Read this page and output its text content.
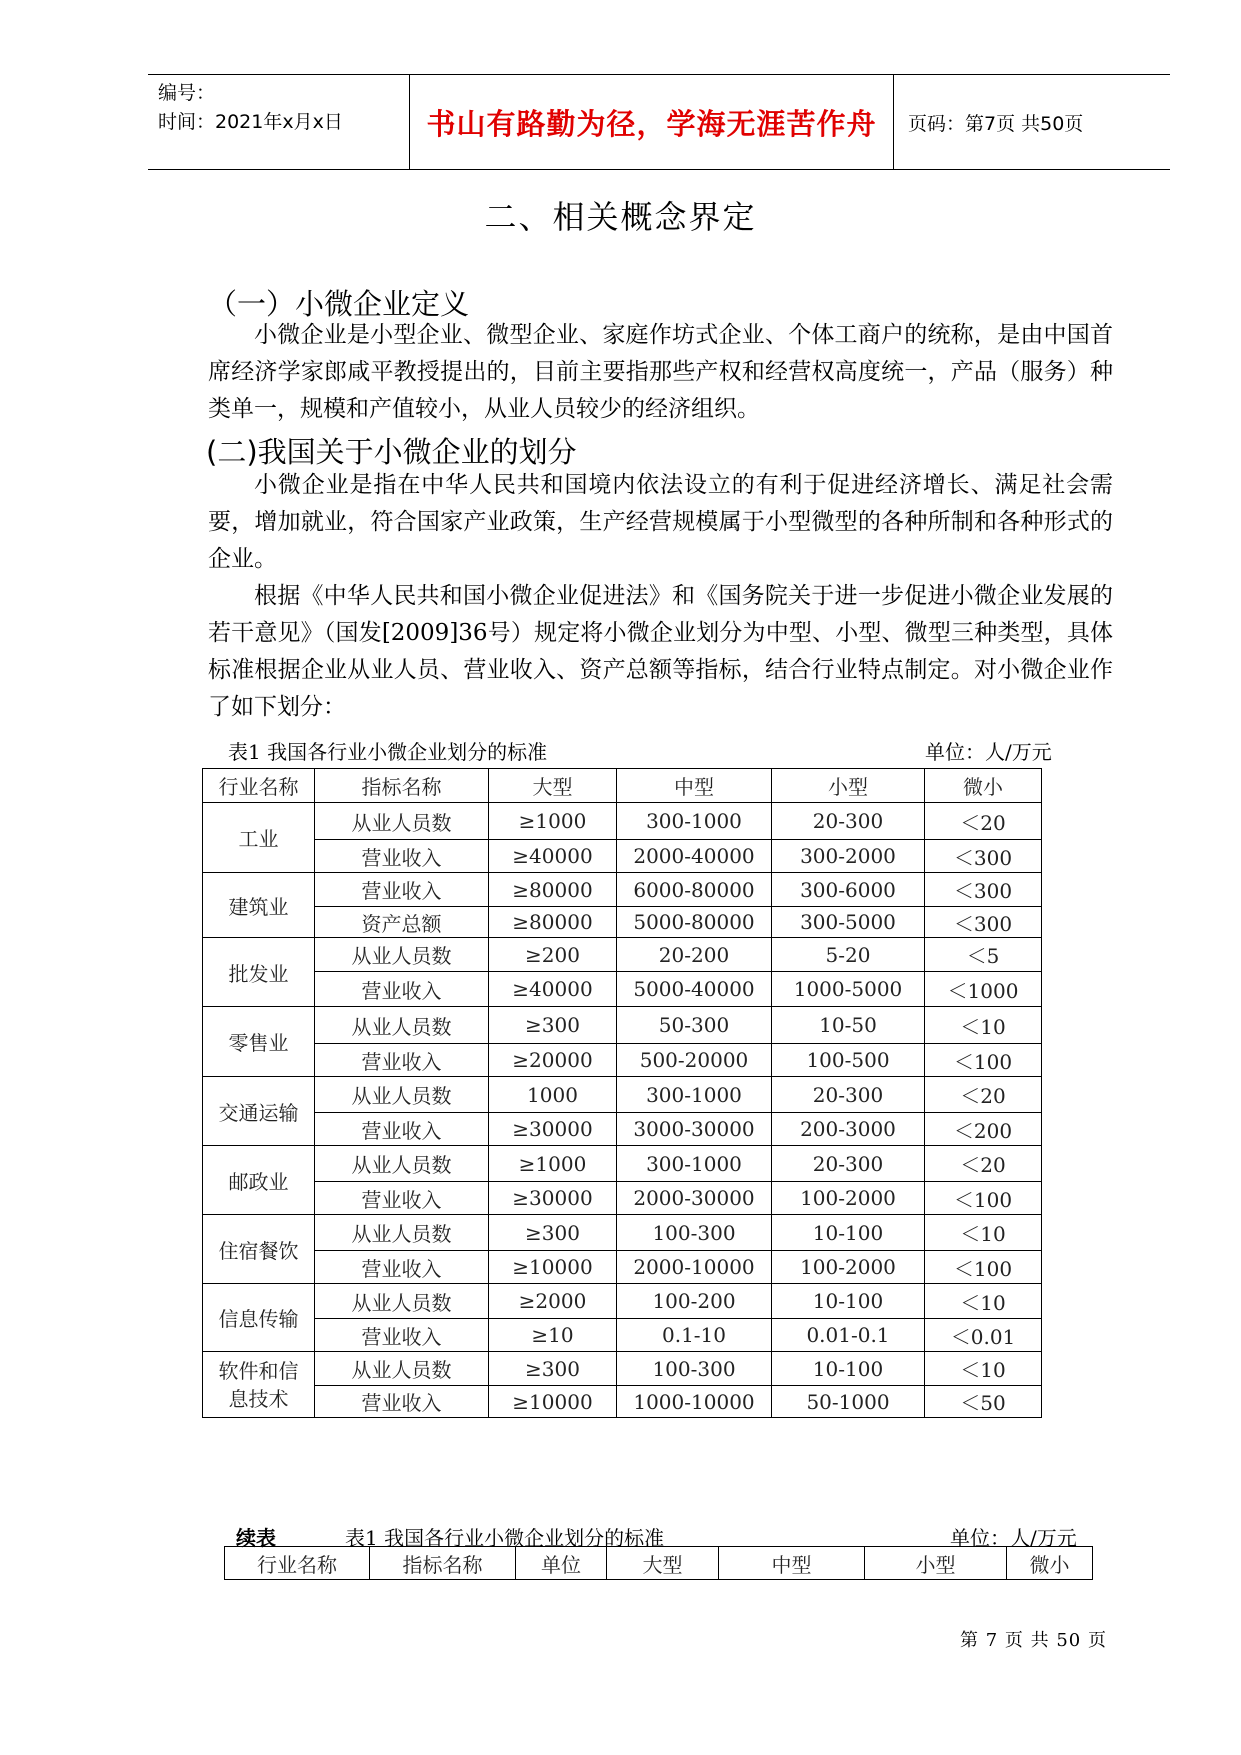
编号：
时间：2021年x月x日	书山有路勤为径，学海无涯苦作舟	页码：第7页 共50页
二、相关概念界定
（一）小微企业定义
小微企业是小型企业、微型企业、家庭作坊式企业、个体工商户的统称，是由中国首席经济学家郎咸平教授提出的，目前主要指那些产权和经营权高度统一，产品（服务）种类单一，规模和产值较小，从业人员较少的经济组织。
(二)我国关于小微企业的划分
小微企业是指在中华人民共和国境内依法设立的有利于促进经济增长、满足社会需要，增加就业，符合国家产业政策，生产经营规模属于小型微型的各种所制和各种形式的企业。
根据《中华人民共和国小微企业促进法》和《国务院关于进一步促进小微企业发展的若干意见》（国发[2009]36号）规定将小微企业划分为中型、小型、微型三种类型，具体标准根据企业从业人员、营业收入、资产总额等指标，结合行业特点制定。对小微企业作了如下划分：
表1 我国各行业小微企业划分的标准	单位：人/万元
行业名称	指标名称	大型	中型	小型	微小
工业	从业人员数	≥1000	300-1000	20-300	＜20
	营业收入	≥40000	2000-40000	300-2000	＜300
建筑业	营业收入	≥80000	6000-80000	300-6000	＜300
	资产总额	≥80000	5000-80000	300-5000	＜300
批发业	从业人员数	≥200	20-200	5-20	＜5
	营业收入	≥40000	5000-40000	1000-5000	＜1000
零售业	从业人员数	≥300	50-300	10-50	＜10
	营业收入	≥20000	500-20000	100-500	＜100
交通运输	从业人员数	1000	300-1000	20-300	＜20
	营业收入	≥30000	3000-30000	200-3000	＜200
邮政业	从业人员数	≥1000	300-1000	20-300	＜20
	营业收入	≥30000	2000-30000	100-2000	＜100
住宿餐饮	从业人员数	≥300	100-300	10-100	＜10
	营业收入	≥10000	2000-10000	100-2000	＜100
信息传输	从业人员数	≥2000	100-200	10-100	＜10
	营业收入	≥10	0.1-10	0.01-0.1	＜0.01
软件和信息技术	从业人员数	≥300	100-300	10-100	＜10
	营业收入	≥10000	1000-10000	50-1000	＜50
续表	表1 我国各行业小微企业划分的标准	单位：人/万元
行业名称	指标名称	单位	大型	中型	小型	微小
第 7 页 共 50 页
